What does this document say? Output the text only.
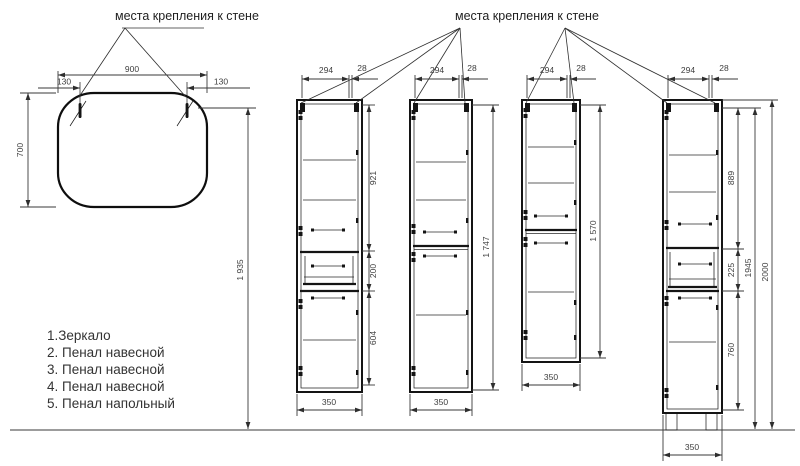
места крепления к стене
900
130	130
700
1 935
294	28
921
200
604
350
294	28
1 747
350
294	28
1 570
350
294	28
889
225
760
1945 2000
350
места крепления к стене
1.Зеркало
2. Пенал навесной
3. Пенал навесной
4. Пенал навесной
5. Пенал напольный
